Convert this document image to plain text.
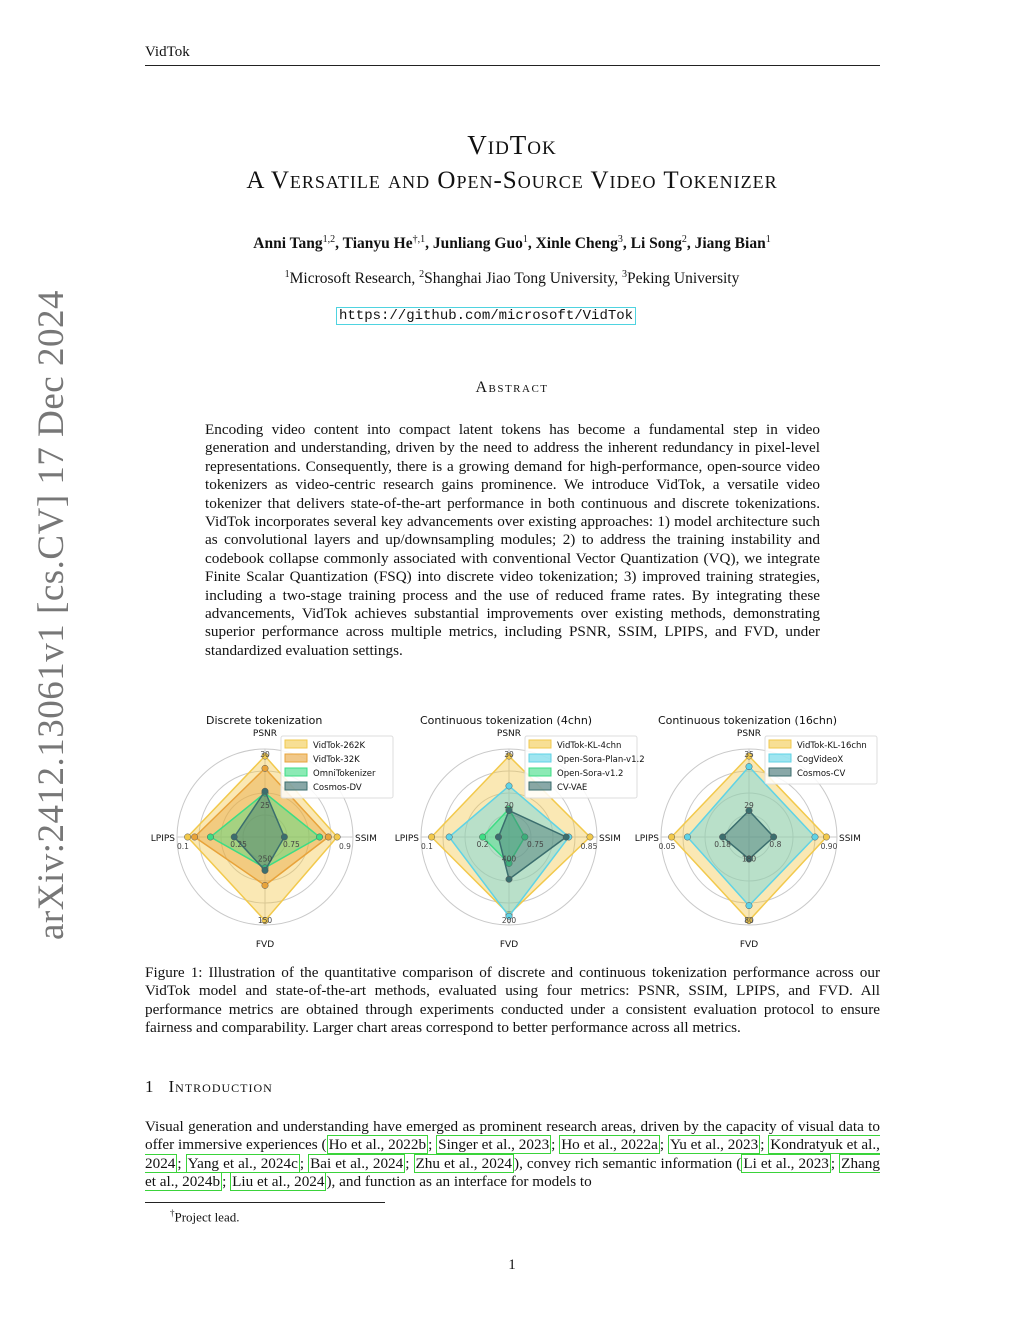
VidTok
arXiv:2412.13061v1 [cs.CV] 17 Dec 2024
VidTok
A Versatile and Open-Source Video Tokenizer
Anni Tang$^{1,2}$, Tianyu $He^{\dagger,1}$, Junliang Guo$^1$, Xinle Cheng$^3$, Li Song$^2$, Jiang Bian$^1$
$^1$Microsoft Research, $^2$Shanghai Jiao Tong University, $^3$Peking University
https://github.com/microsoft/VidTok
Abstract
Encoding video content into compact latent tokens has become a fundamental step in video generation and understanding, driven by the need to address the inherent redundancy in pixel-level representations. Consequently, there is a growing demand for high-performance, open-source video tokenizers as video-centric research gains prominence. We introduce VidTok, a versatile video tokenizer that delivers state-of-the-art performance in both continuous and discrete tokenizations. VidTok incorporates several key advancements over existing approaches: 1) model architecture such as convolutional layers and up/downsampling modules; 2) to address the training instability and codebook collapse commonly associated with conventional Vector Quantization (VQ), we integrate Finite Scalar Quantization (FSQ) into discrete video tokenization; 3) improved training strategies, including a two-stage training process and the use of reduced frame rates. By integrating these advancements, VidTok achieves substantial improvements over existing methods, demonstrating superior performance across multiple metrics, including PSNR, SSIM, LPIPS, and FVD, under standardized evaluation settings.
Discrete tokenization	Continuous tokenization (4chn)	Continuous tokenization (16chn)
PSNR
SSIM
FVD
LPIPS
30
25
0.9
0.75
150
250
0.1	0.25
VidTok-262K
VidTok-32K
OmniTokenizer
Cosmos-DV
PSNR
SSIM
FVD
LPIPS
30
20
0.85
0.75
200
400
0.1	0.2
VidTok-KL-4chn
Open-Sora-Plan-v1.2
Open-Sora-v1.2
CV-VAE
PSNR
SSIM
FVD
LPIPS
35
29
0.90
0.8
80
180
0.05	0.18
VidTok-KL-16chn
CogVideoX
Cosmos-CV
Figure 1: Illustration of the quantitative comparison of discrete and continuous tokenization performance across our VidTok model and state-of-the-art methods, evaluated using four metrics: PSNR, SSIM, LPIPS, and FVD. All performance metrics are obtained through experiments conducted under a consistent evaluation protocol to ensure fairness and comparability. Larger chart areas correspond to better performance across all metrics.
1 Introduction
Visual generation and understanding have emerged as prominent research areas, driven by the capacity of visual data to offer immersive experiences ( Ho et al., 2022b ; Singer et al., 2023 ; Ho et al., 2022a ; Yu et al., 2023 ; Kondratyuk et al., 2024 ; Yang et al., 2024c ; Bai et al., 2024 ; Zhu et al., 2024 ), convey rich semantic information ( Li et al., 2023 ; Zhang et al., 2024b ; Liu et al., 2024 ), and function as an interface for models to
†Project lead.
1
